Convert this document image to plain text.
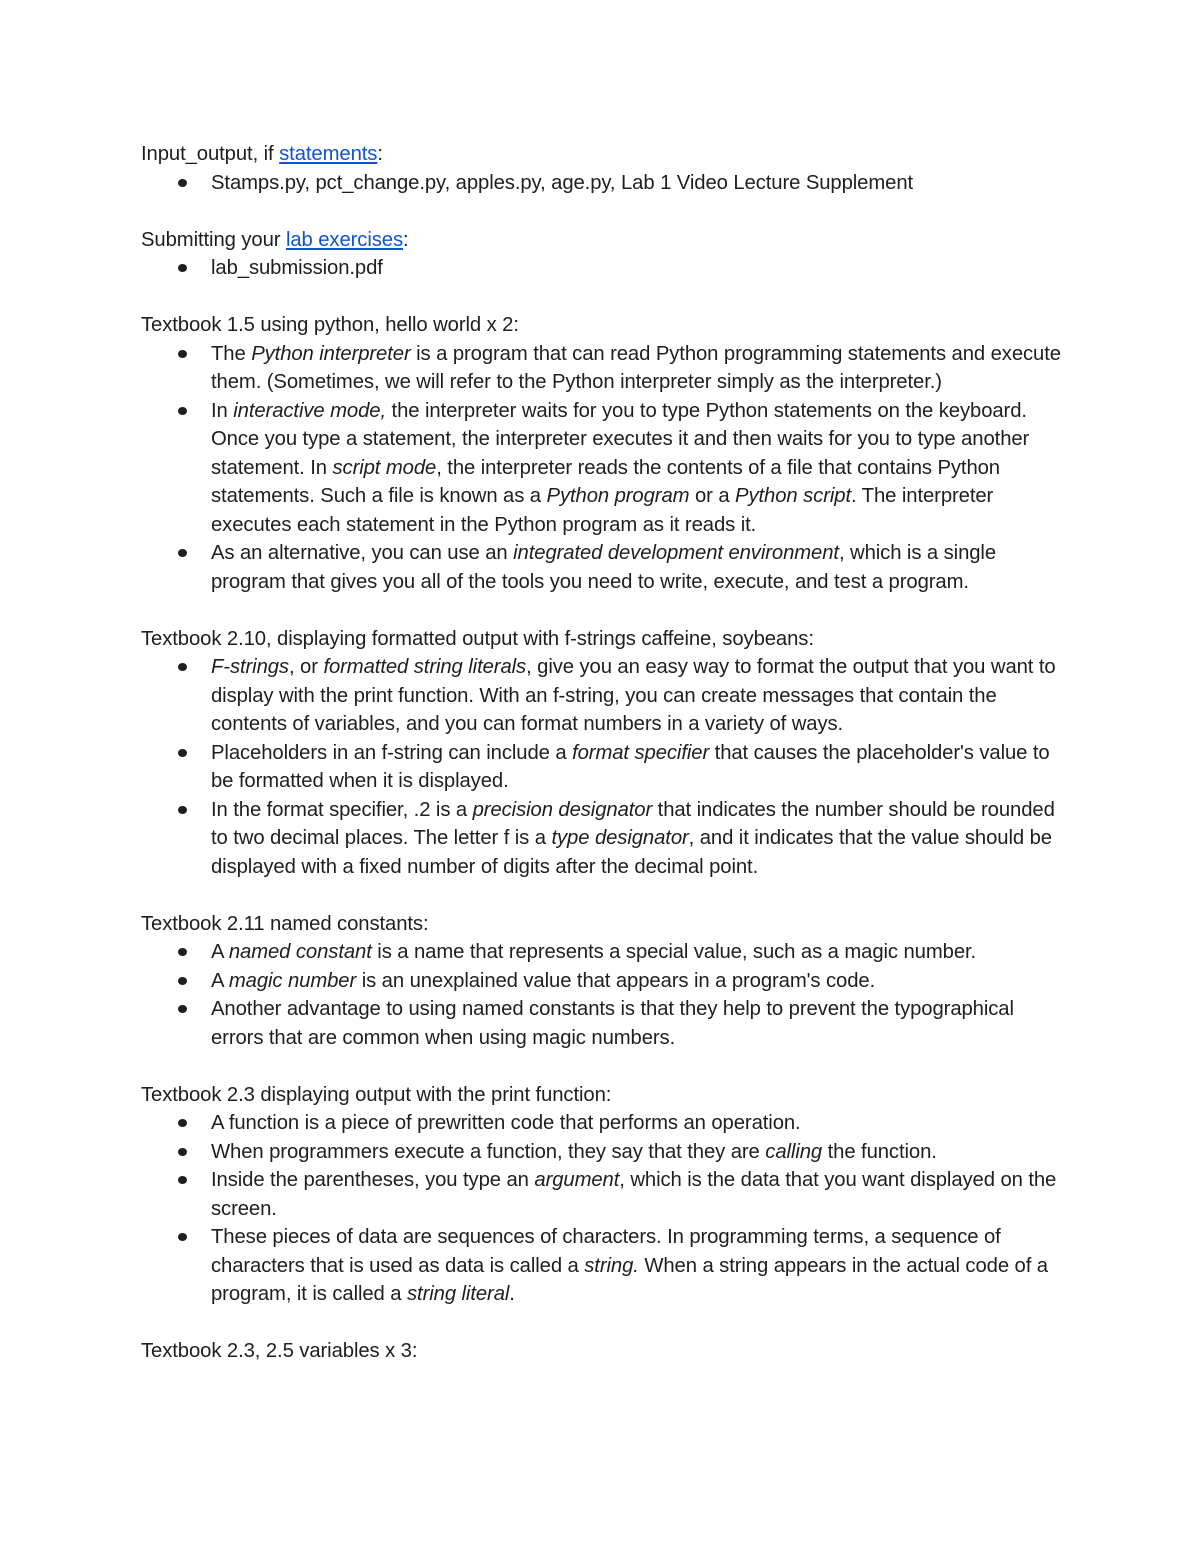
Input_output, if statements:

Stamps.py, pct_change.py, apples.py, age.py, Lab 1 Video Lecture Supplement

Submitting your lab exercises:

lab_submission.pdf

Textbook 1.5 using python, hello world x 2:

The Python interpreter is a program that can read Python programming statements and execute them. (Sometimes, we will refer to the Python interpreter simply as the interpreter.)
In interactive mode, the interpreter waits for you to type Python statements on the keyboard. Once you type a statement, the interpreter executes it and then waits for you to type another statement. In script mode, the interpreter reads the contents of a file that contains Python statements. Such a file is known as a Python program or a Python script. The interpreter executes each statement in the Python program as it reads it.
As an alternative, you can use an integrated development environment, which is a single program that gives you all of the tools you need to write, execute, and test a program.

Textbook 2.10, displaying formatted output with f-strings caffeine, soybeans:

F-strings, or formatted string literals, give you an easy way to format the output that you want to display with the print function. With an f-string, you can create messages that contain the contents of variables, and you can format numbers in a variety of ways.
Placeholders in an f-string can include a format specifier that causes the placeholder's value to be formatted when it is displayed.
In the format specifier, .2 is a precision designator that indicates the number should be rounded to two decimal places. The letter f is a type designator, and it indicates that the value should be displayed with a fixed number of digits after the decimal point.

Textbook 2.11 named constants:

A named constant is a name that represents a special value, such as a magic number.
A magic number is an unexplained value that appears in a program's code.
Another advantage to using named constants is that they help to prevent the typographical errors that are common when using magic numbers.

Textbook 2.3 displaying output with the print function:

A function is a piece of prewritten code that performs an operation.
When programmers execute a function, they say that they are calling the function.
Inside the parentheses, you type an argument, which is the data that you want displayed on the screen.
These pieces of data are sequences of characters. In programming terms, a sequence of characters that is used as data is called a string. When a string appears in the actual code of a program, it is called a string literal.

Textbook 2.3, 2.5 variables x 3:
